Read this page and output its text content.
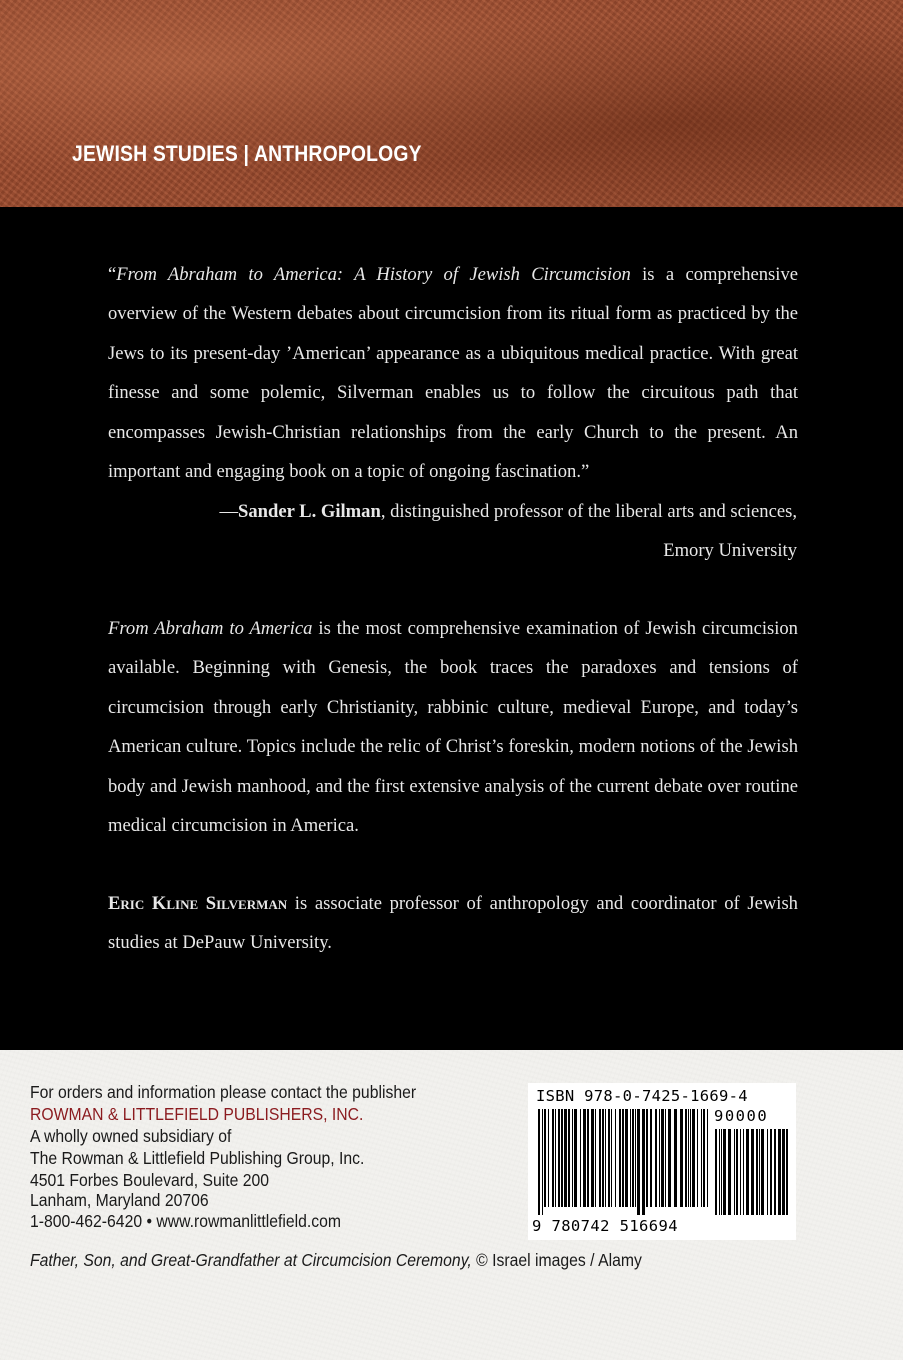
JEWISH STUDIES | ANTHROPOLOGY

“From Abraham to America: A History of Jewish Circumcision is a comprehensive overview of the Western debates about circumcision from its ritual form as practiced by the Jews to its present-day ’American’ appearance as a ubiquitous medical practice. With great finesse and some polemic, Silverman enables us to follow the circuitous path that encompasses Jewish-Christian relationships from the early Church to the present. An important and engaging book on a topic of ongoing fascination.”

—Sander L. Gilman, distinguished professor of the liberal arts and sciences,
Emory University

From Abraham to America is the most comprehensive examination of Jewish circumcision available. Beginning with Genesis, the book traces the paradoxes and tensions of circumcision through early Christianity, rabbinic culture, medieval Europe, and today’s American culture. Topics include the relic of Christ’s foreskin, modern notions of the Jewish body and Jewish manhood, and the first extensive analysis of the current debate over routine medical circumcision in America.

Eric Kline Silverman is associate professor of anthropology and coordinator of Jewish studies at DePauw University.

For orders and information please contact the publisher

ROWMAN & LITTLEFIELD PUBLISHERS, INC.

A wholly owned subsidiary of

The Rowman & Littlefield Publishing Group, Inc.

4501 Forbes Boulevard, Suite 200

Lanham, Maryland 20706

1-800-462-6420 • www.rowmanlittlefield.com

ISBN 978-0-7425-1669-4
90000
9 780742 516694

Father, Son, and Great-Grandfather at Circumcision Ceremony, © Israel images / Alamy
